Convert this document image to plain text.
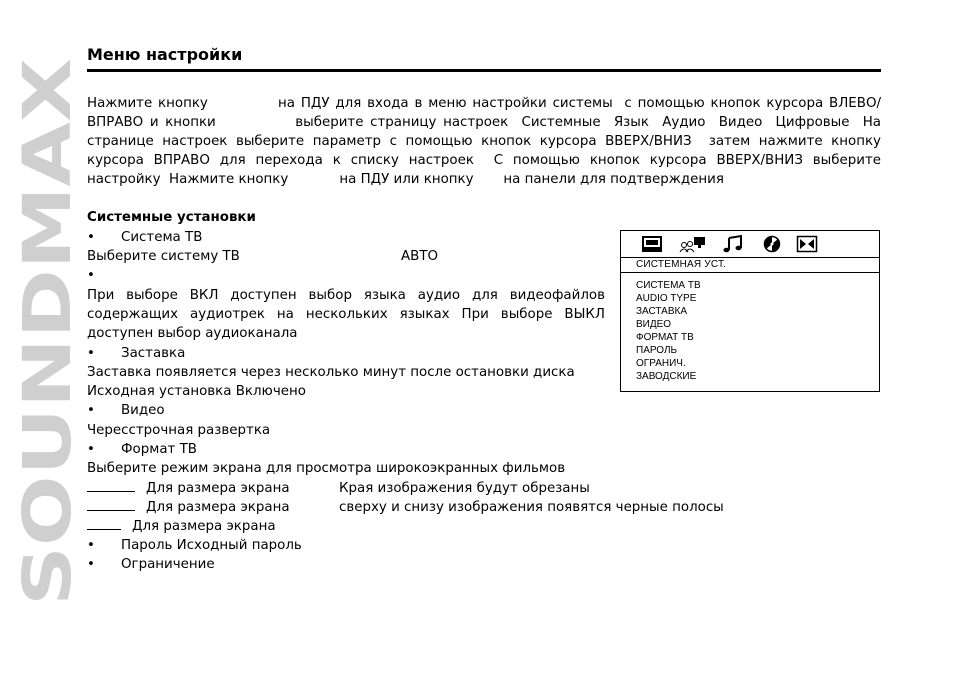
SOUNDMAX
Меню настройки
Нажмите кнопку            на ПДУ для входа в меню настройки системы  с помощью кнопок курсора ВЛЕВО/ВПРАВО и кнопки            выберите страницу настроек  Системные  Язык  Аудио  Видео  Цифровые  На странице настроек выберите параметр с помощью кнопок курсора ВВЕРХ/ВНИЗ  затем нажмите кнопку курсора ВПРАВО для перехода к списку настроек  С помощью кнопок курсора ВВЕРХ/ВНИЗ выберите настройку  Нажмите кнопку            на ПДУ или кнопку       на панели для подтверждения
Системные установки
• Система ТВ
Выберите систему ТВ	АВТО
•
При выборе ВКЛ доступен выбор языка аудио для видеофайлов содержащих аудиотрек на нескольких языках При выборе ВЫКЛ доступен выбор аудиоканала
• Заставка
Заставка появляется через несколько минут после остановки диска
Исходная установка Включено
• Видео
Чересстрочная развертка
• Формат ТВ
Выберите режим экрана для просмотра широкоэкранных фильмов
Для размера экрана	Края изображения будут обрезаны
Для размера экрана	сверху и снизу изображения появятся черные полосы
Для размера экрана
• Пароль Исходный пароль
• Ограничение
СИСТЕМНАЯ УСТ.
СИСТЕМА ТВ
AUDIO TYPE
ЗАСТАВКА
ВИДЕО
ФОРМАТ ТВ
ПАРОЛЬ
ОГРАНИЧ.
ЗАВОДСКИЕ
